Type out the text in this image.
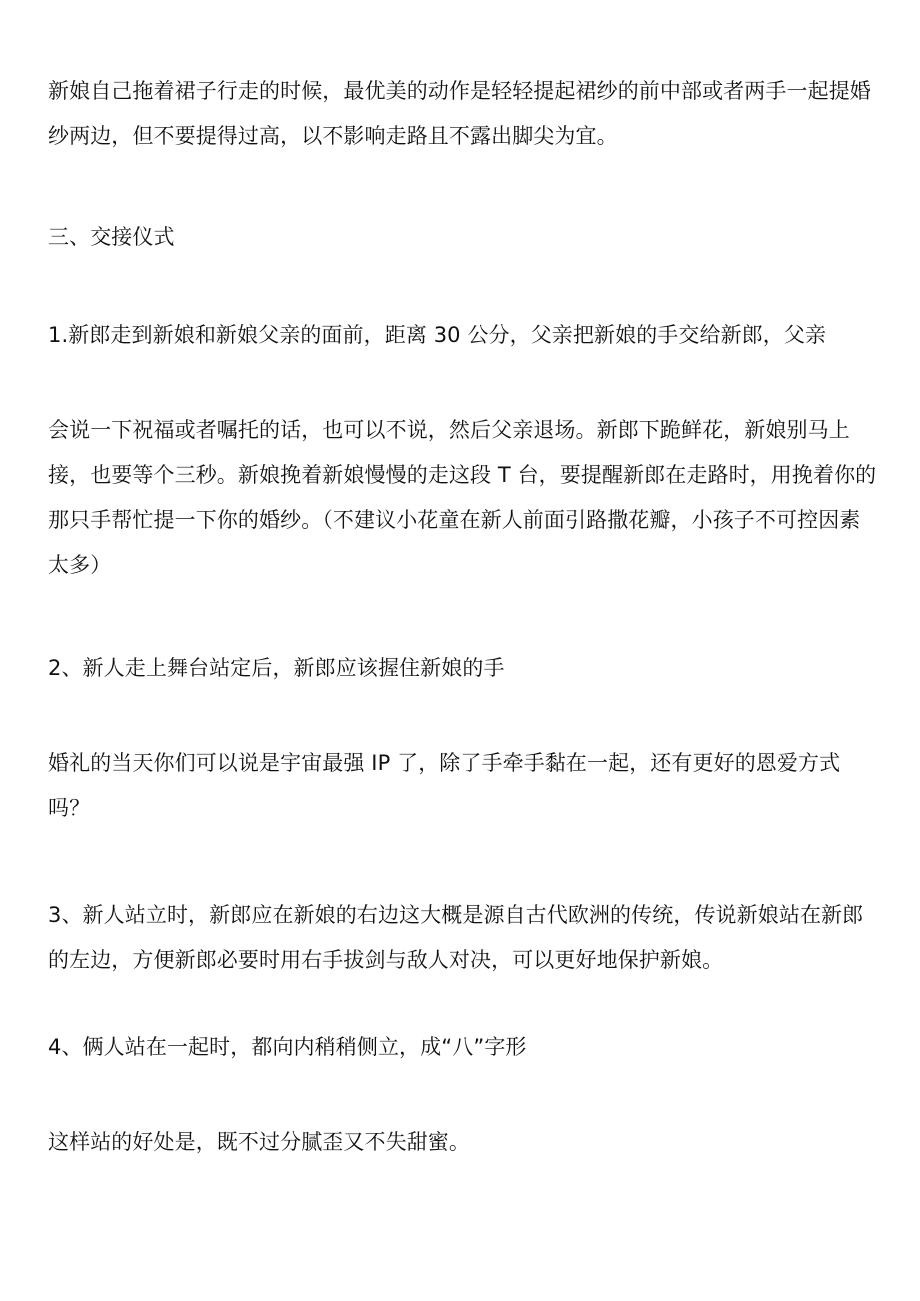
新娘自己拖着裙子行走的时候，最优美的动作是轻轻提起裙纱的前中部或者两手一起提婚纱两边，但不要提得过高，以不影响走路且不露出脚尖为宜。
三、交接仪式
1.新郎走到新娘和新娘父亲的面前，距离 30 公分，父亲把新娘的手交给新郎，父亲
会说一下祝福或者嘱托的话，也可以不说，然后父亲退场。新郎下跪鲜花，新娘别马上接，也要等个三秒。新娘挽着新娘慢慢的走这段 T 台，要提醒新郎在走路时，用挽着你的那只手帮忙提一下你的婚纱。（不建议小花童在新人前面引路撒花瓣，小孩子不可控因素太多）
2、新人走上舞台站定后，新郎应该握住新娘的手
婚礼的当天你们可以说是宇宙最强 IP 了，除了手牵手黏在一起，还有更好的恩爱方式吗？
3、新人站立时，新郎应在新娘的右边这大概是源自古代欧洲的传统，传说新娘站在新郎的左边，方便新郎必要时用右手拔剑与敌人对决，可以更好地保护新娘。
4、俩人站在一起时，都向内稍稍侧立，成“八”字形
这样站的好处是，既不过分腻歪又不失甜蜜。
